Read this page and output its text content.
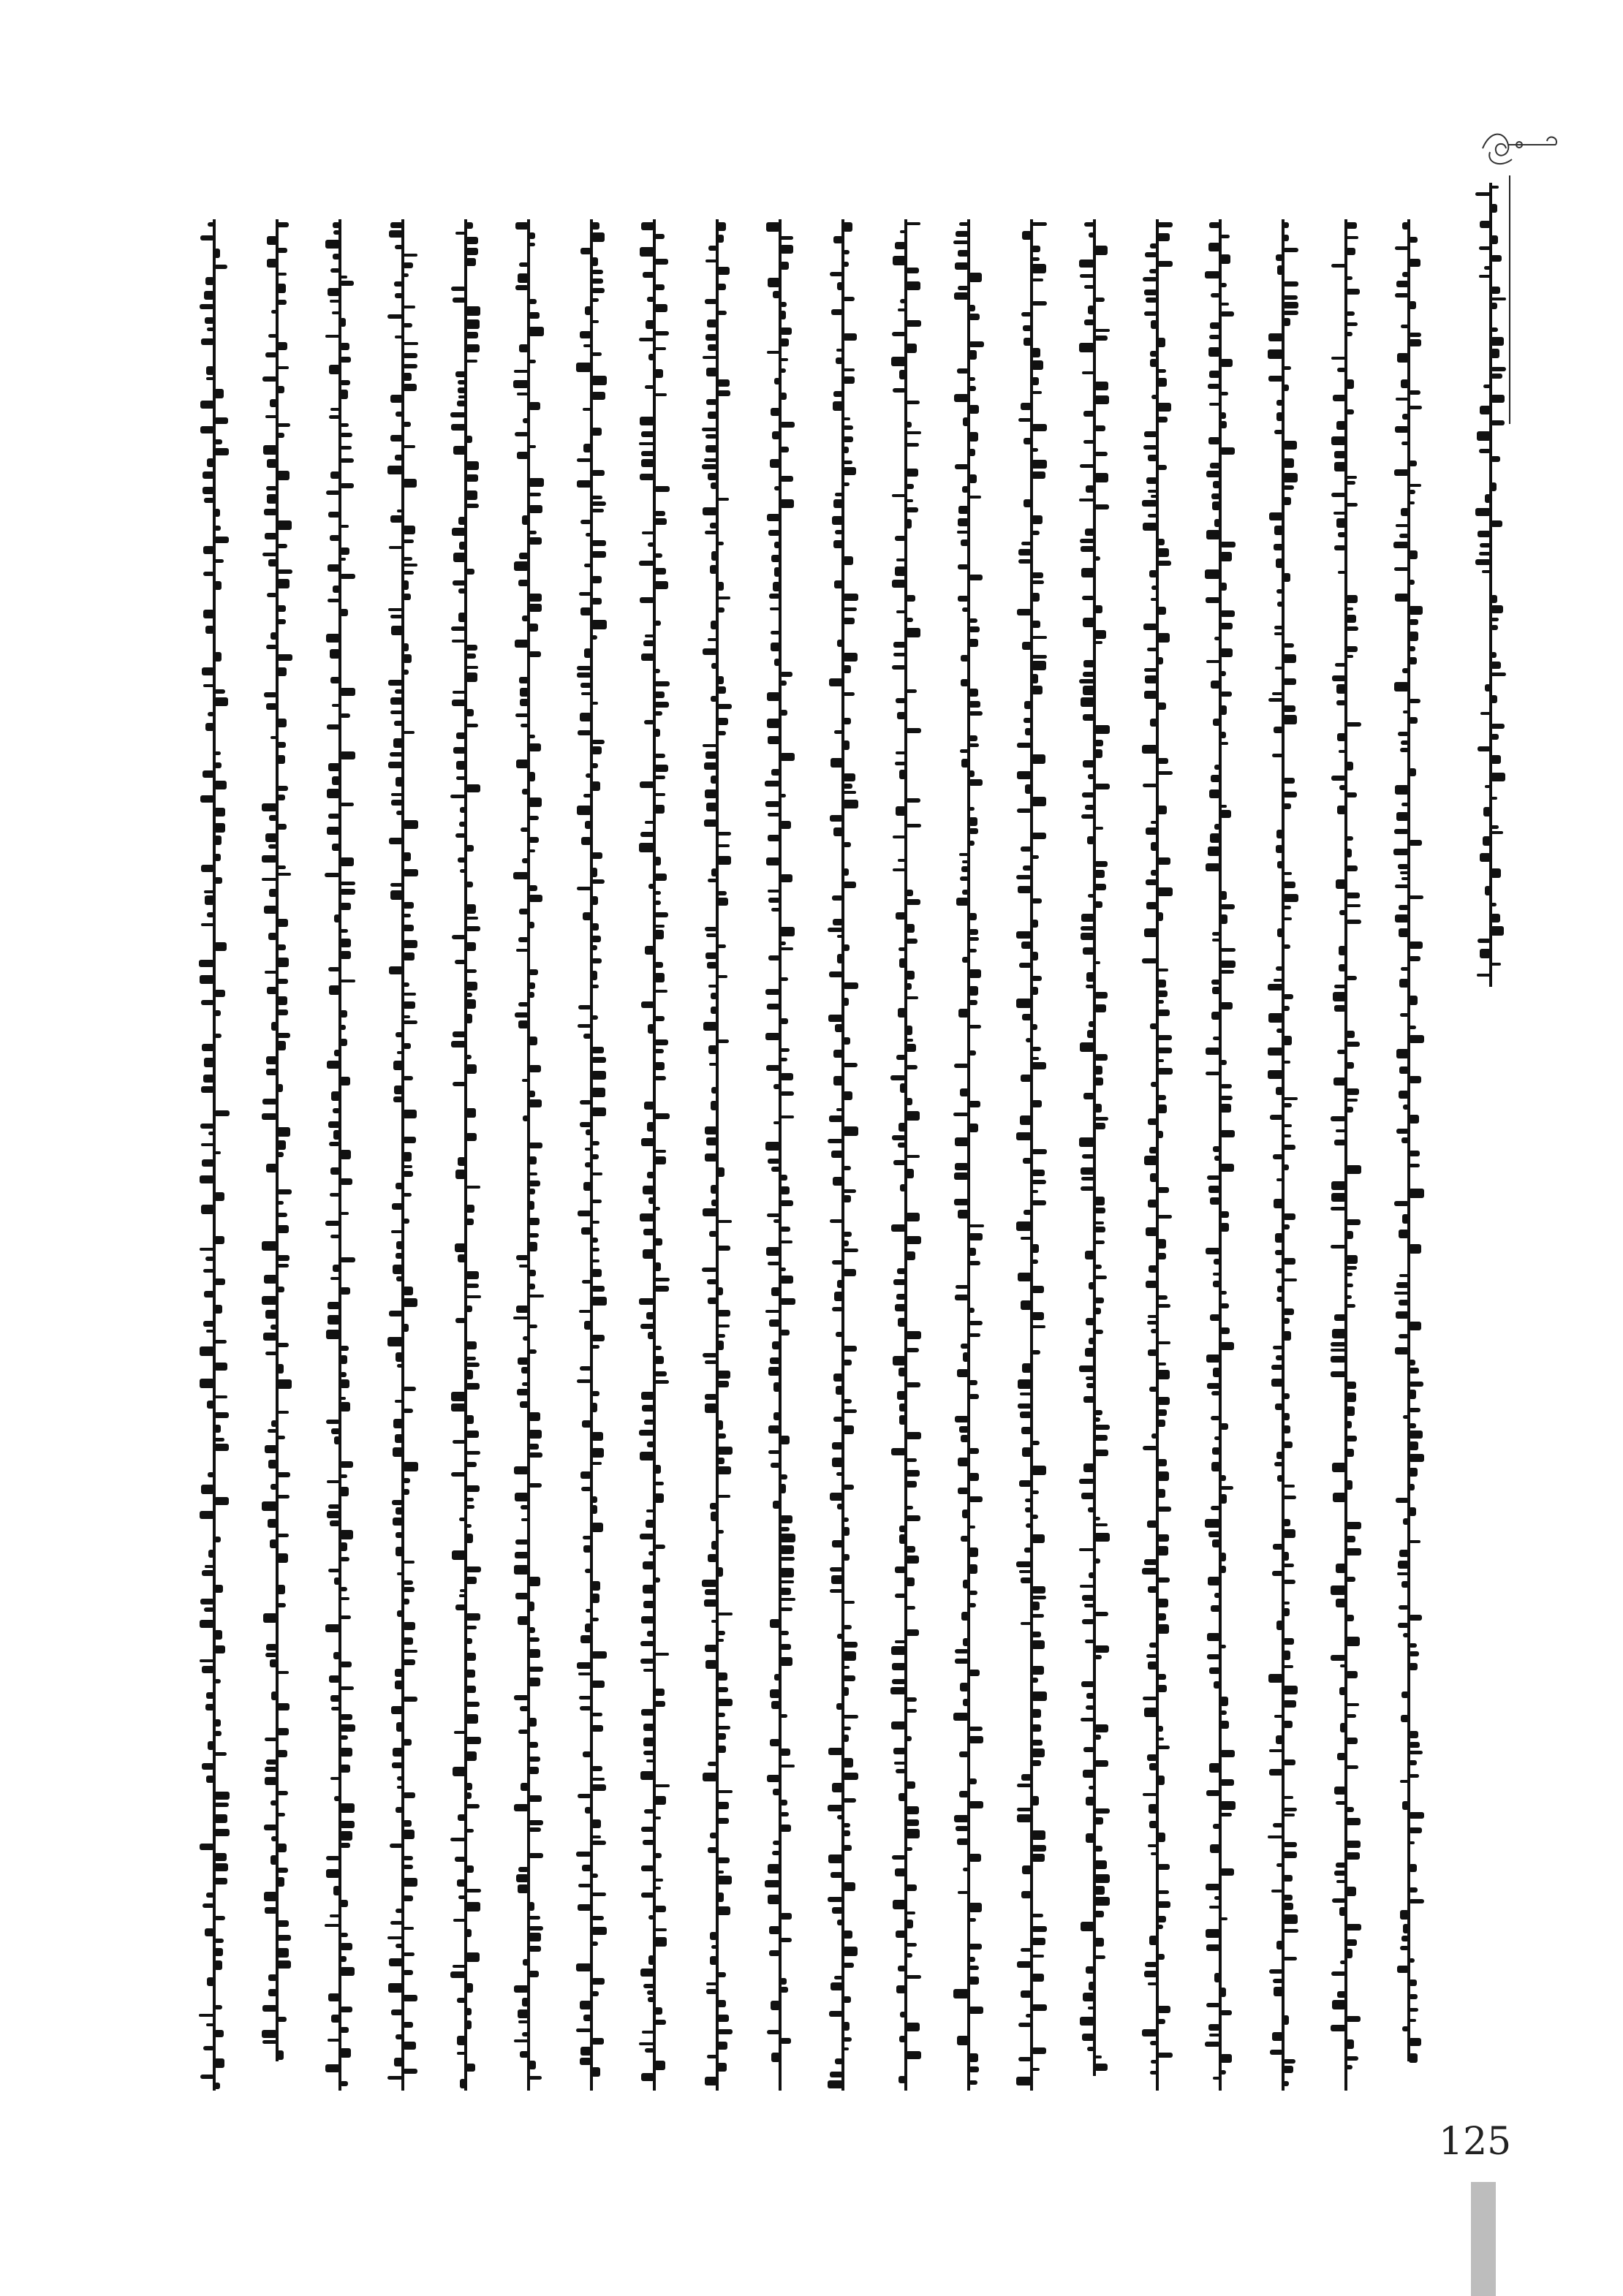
125
